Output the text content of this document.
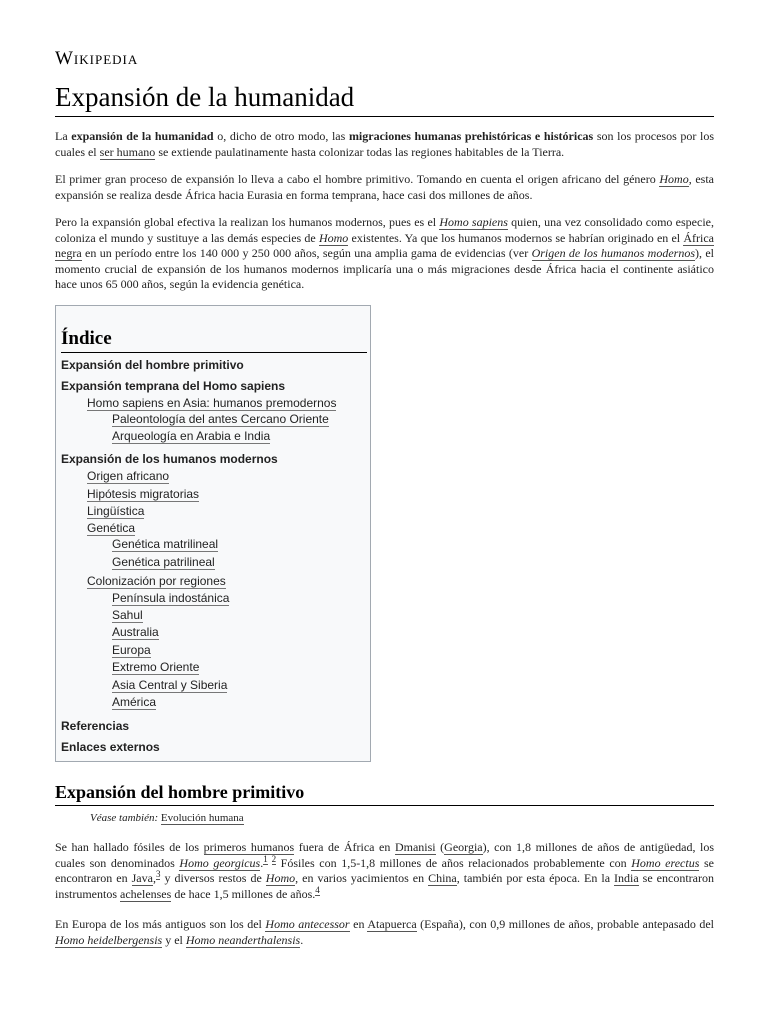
Wikipedia
Expansión de la humanidad

La expansión de la humanidad o, dicho de otro modo, las migraciones humanas prehistóricas e históricas son los procesos por los cuales el ser humano se extiende paulatinamente hasta colonizar todas las regiones habitables de la Tierra.

El primer gran proceso de expansión lo lleva a cabo el hombre primitivo. Tomando en cuenta el origen africano del género Homo, esta expansión se realiza desde África hacia Eurasia en forma temprana, hace casi dos millones de años.

Pero la expansión global efectiva la realizan los humanos modernos, pues es el Homo sapiens quien, una vez consolidado como especie, coloniza el mundo y sustituye a las demás especies de Homo existentes. Ya que los humanos modernos se habrían originado en el África negra en un período entre los 140 000 y 250 000 años, según una amplia gama de evidencias (ver Origen de los humanos modernos), el momento crucial de expansión de los humanos modernos implicaría una o más migraciones desde África hacia el continente asiático hace unos 65 000 años, según la evidencia genética.

Índice
Expansión del hombre primitivo
Expansión temprana del Homo sapiens
Homo sapiens en Asia: humanos premodernos
Paleontología del antes Cercano Oriente
Arqueología en Arabia e India
Expansión de los humanos modernos
Origen africano
Hipótesis migratorias
Lingüística
Genética
Genética matrilineal
Genética patrilineal
Colonización por regiones
Península indostánica
Sahul
Australia
Europa
Extremo Oriente
Asia Central y Siberia
América
Referencias
Enlaces externos
Expansión del hombre primitivo
Véase también: Evolución humana

Se han hallado fósiles de los primeros humanos fuera de África en Dmanisi (Georgia), con 1,8 millones de años de antigüedad, los cuales son denominados Homo georgicus.$^{1 2}$ Fósiles con 1,5-1,8 millones de años relacionados probablemente con Homo erectus se encontraron en Java,$^3$ y diversos restos de Homo, en varios yacimientos en China, también por esta época. En la India se encontraron instrumentos achelenses de hace 1,5 millones de años.$^4$

En Europa de los más antiguos son los del Homo antecessor en Atapuerca (España), con 0,9 millones de años, probable antepasado del Homo heidelbergensis y el Homo neanderthalensis.
